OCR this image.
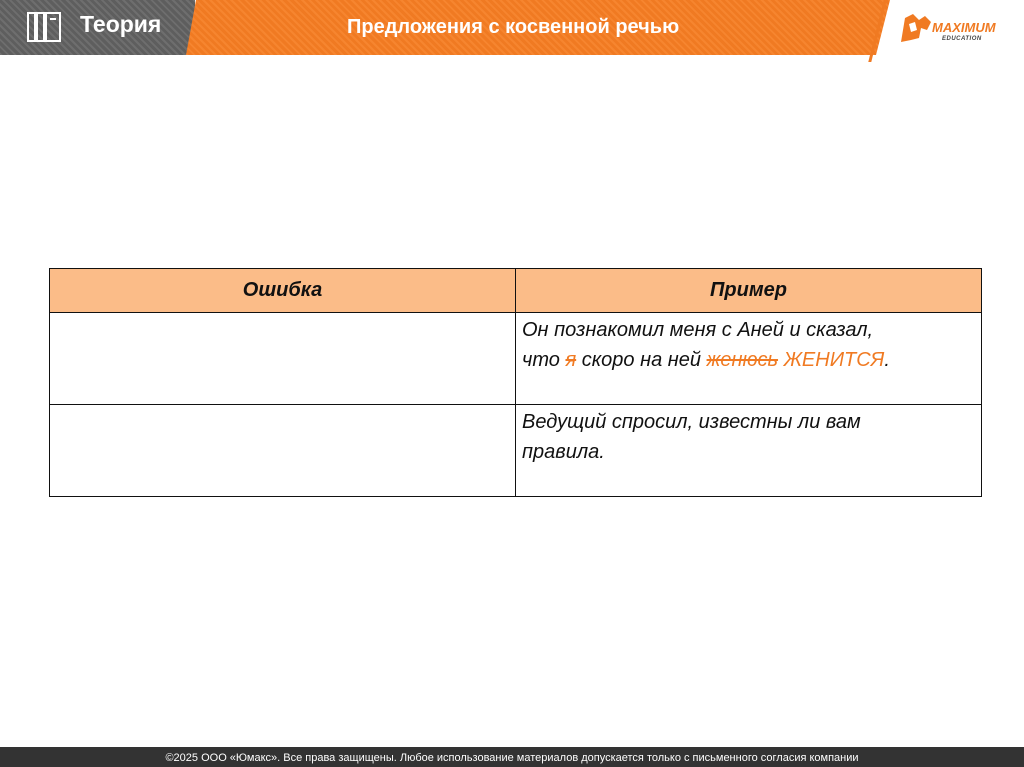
Теория	Предложения с косвенной речью	MAXIMUM
EDUCATION
Ошибка	Пример
	Он познакомил меня с Аней и сказал,
что я скоро на ней женюсь ЖЕНИТСЯ.
	Ведущий спросил, известны ли вам
правила.
©2025 ООО «Юмакс». Все права защищены. Любое использование материалов допускается только с письменного согласия компании
